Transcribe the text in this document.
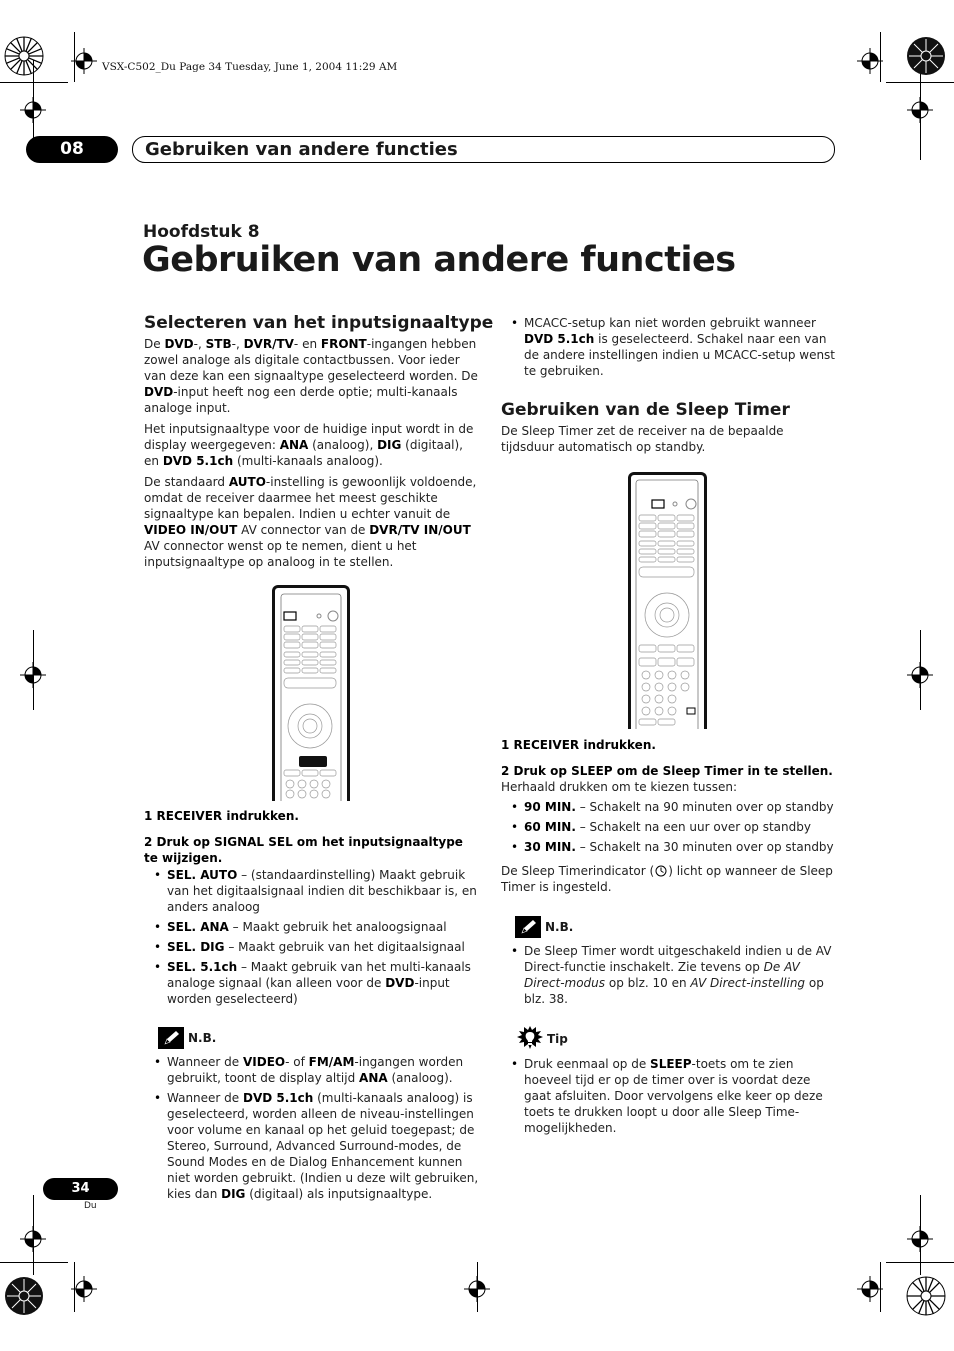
VSX-C502_Du Page 34 Tuesday, June 1, 2004 11:29 AM
08	Gebruiken van andere functies
Hoofdstuk 8
Gebruiken van andere functies
Selecteren van het inputsignaaltype

De DVD-, STB-, DVR/TV- en FRONT-ingangen hebben zowel analoge als digitale contactbussen. Voor ieder van deze kan een signaaltype geselecteerd worden. De DVD-input heeft nog een derde optie; multi-kanaals analoge input.

Het inputsignaaltype voor de huidige input wordt in de display weergegeven: ANA (analoog), DIG (digitaal), en DVD 5.1ch (multi-kanaals analoog).

De standaard AUTO-instelling is gewoonlijk voldoende, omdat de receiver daarmee het meest geschikte signaaltype kan bepalen. Indien u echter vanuit de VIDEO IN/OUT AV connector van de DVR/TV IN/OUT AV connector wenst op te nemen, dient u het inputsignaaltype op analoog in te stellen.

1 RECEIVER indrukken.

2 Druk op SIGNAL SEL om het inputsignaaltype te wijzigen.

• SEL. AUTO – (standaardinstelling) Maakt gebruik van het digitaalsignaal indien dit beschikbaar is, en anders analoog

• SEL. ANA – Maakt gebruik het analoogsignaal

• SEL. DIG – Maakt gebruik van het digitaalsignaal

• SEL. 5.1ch – Maakt gebruik van het multi-kanaals analoge signaal (kan alleen voor de DVD-input worden geselecteerd)

N.B.

• Wanneer de VIDEO- of FM/AM-ingangen worden gebruikt, toont de display altijd ANA (analoog).

• Wanneer de DVD 5.1ch (multi-kanaals analoog) is geselecteerd, worden alleen de niveau-instellingen voor volume en kanaal op het geluid toegepast; de Stereo, Surround, Advanced Surround-modes, de Sound Modes en de Dialog Enhancement kunnen niet worden gebruikt. (Indien u deze wilt gebruiken, kies dan DIG (digitaal) als inputsignaaltype.

• MCACC-setup kan niet worden gebruikt wanneer DVD 5.1ch is geselecteerd. Schakel naar een van de andere instellingen indien u MCACC-setup wenst te gebruiken.

Gebruiken van de Sleep Timer

De Sleep Timer zet de receiver na de bepaalde tijdsduur automatisch op standby.

1 RECEIVER indrukken.

2 Druk op SLEEP om de Sleep Timer in te stellen.

Herhaald drukken om te kiezen tussen:

• 90 MIN. – Schakelt na 90 minuten over op standby

• 60 MIN. – Schakelt na een uur over op standby

• 30 MIN. – Schakelt na 30 minuten over op standby

De Sleep Timerindicator ( ) licht op wanneer de Sleep Timer is ingesteld.

N.B.

• De Sleep Timer wordt uitgeschakeld indien u de AV Direct-functie inschakelt. Zie tevens op De AV Direct-modus op blz. 10 en AV Direct-instelling op blz. 38.

Tip

• Druk eenmaal op de SLEEP-toets om te zien hoeveel tijd er op de timer over is voordat deze gaat afsluiten. Door vervolgens elke keer op deze toets te drukken loopt u door alle Sleep Time-mogelijkheden.

34
Du
